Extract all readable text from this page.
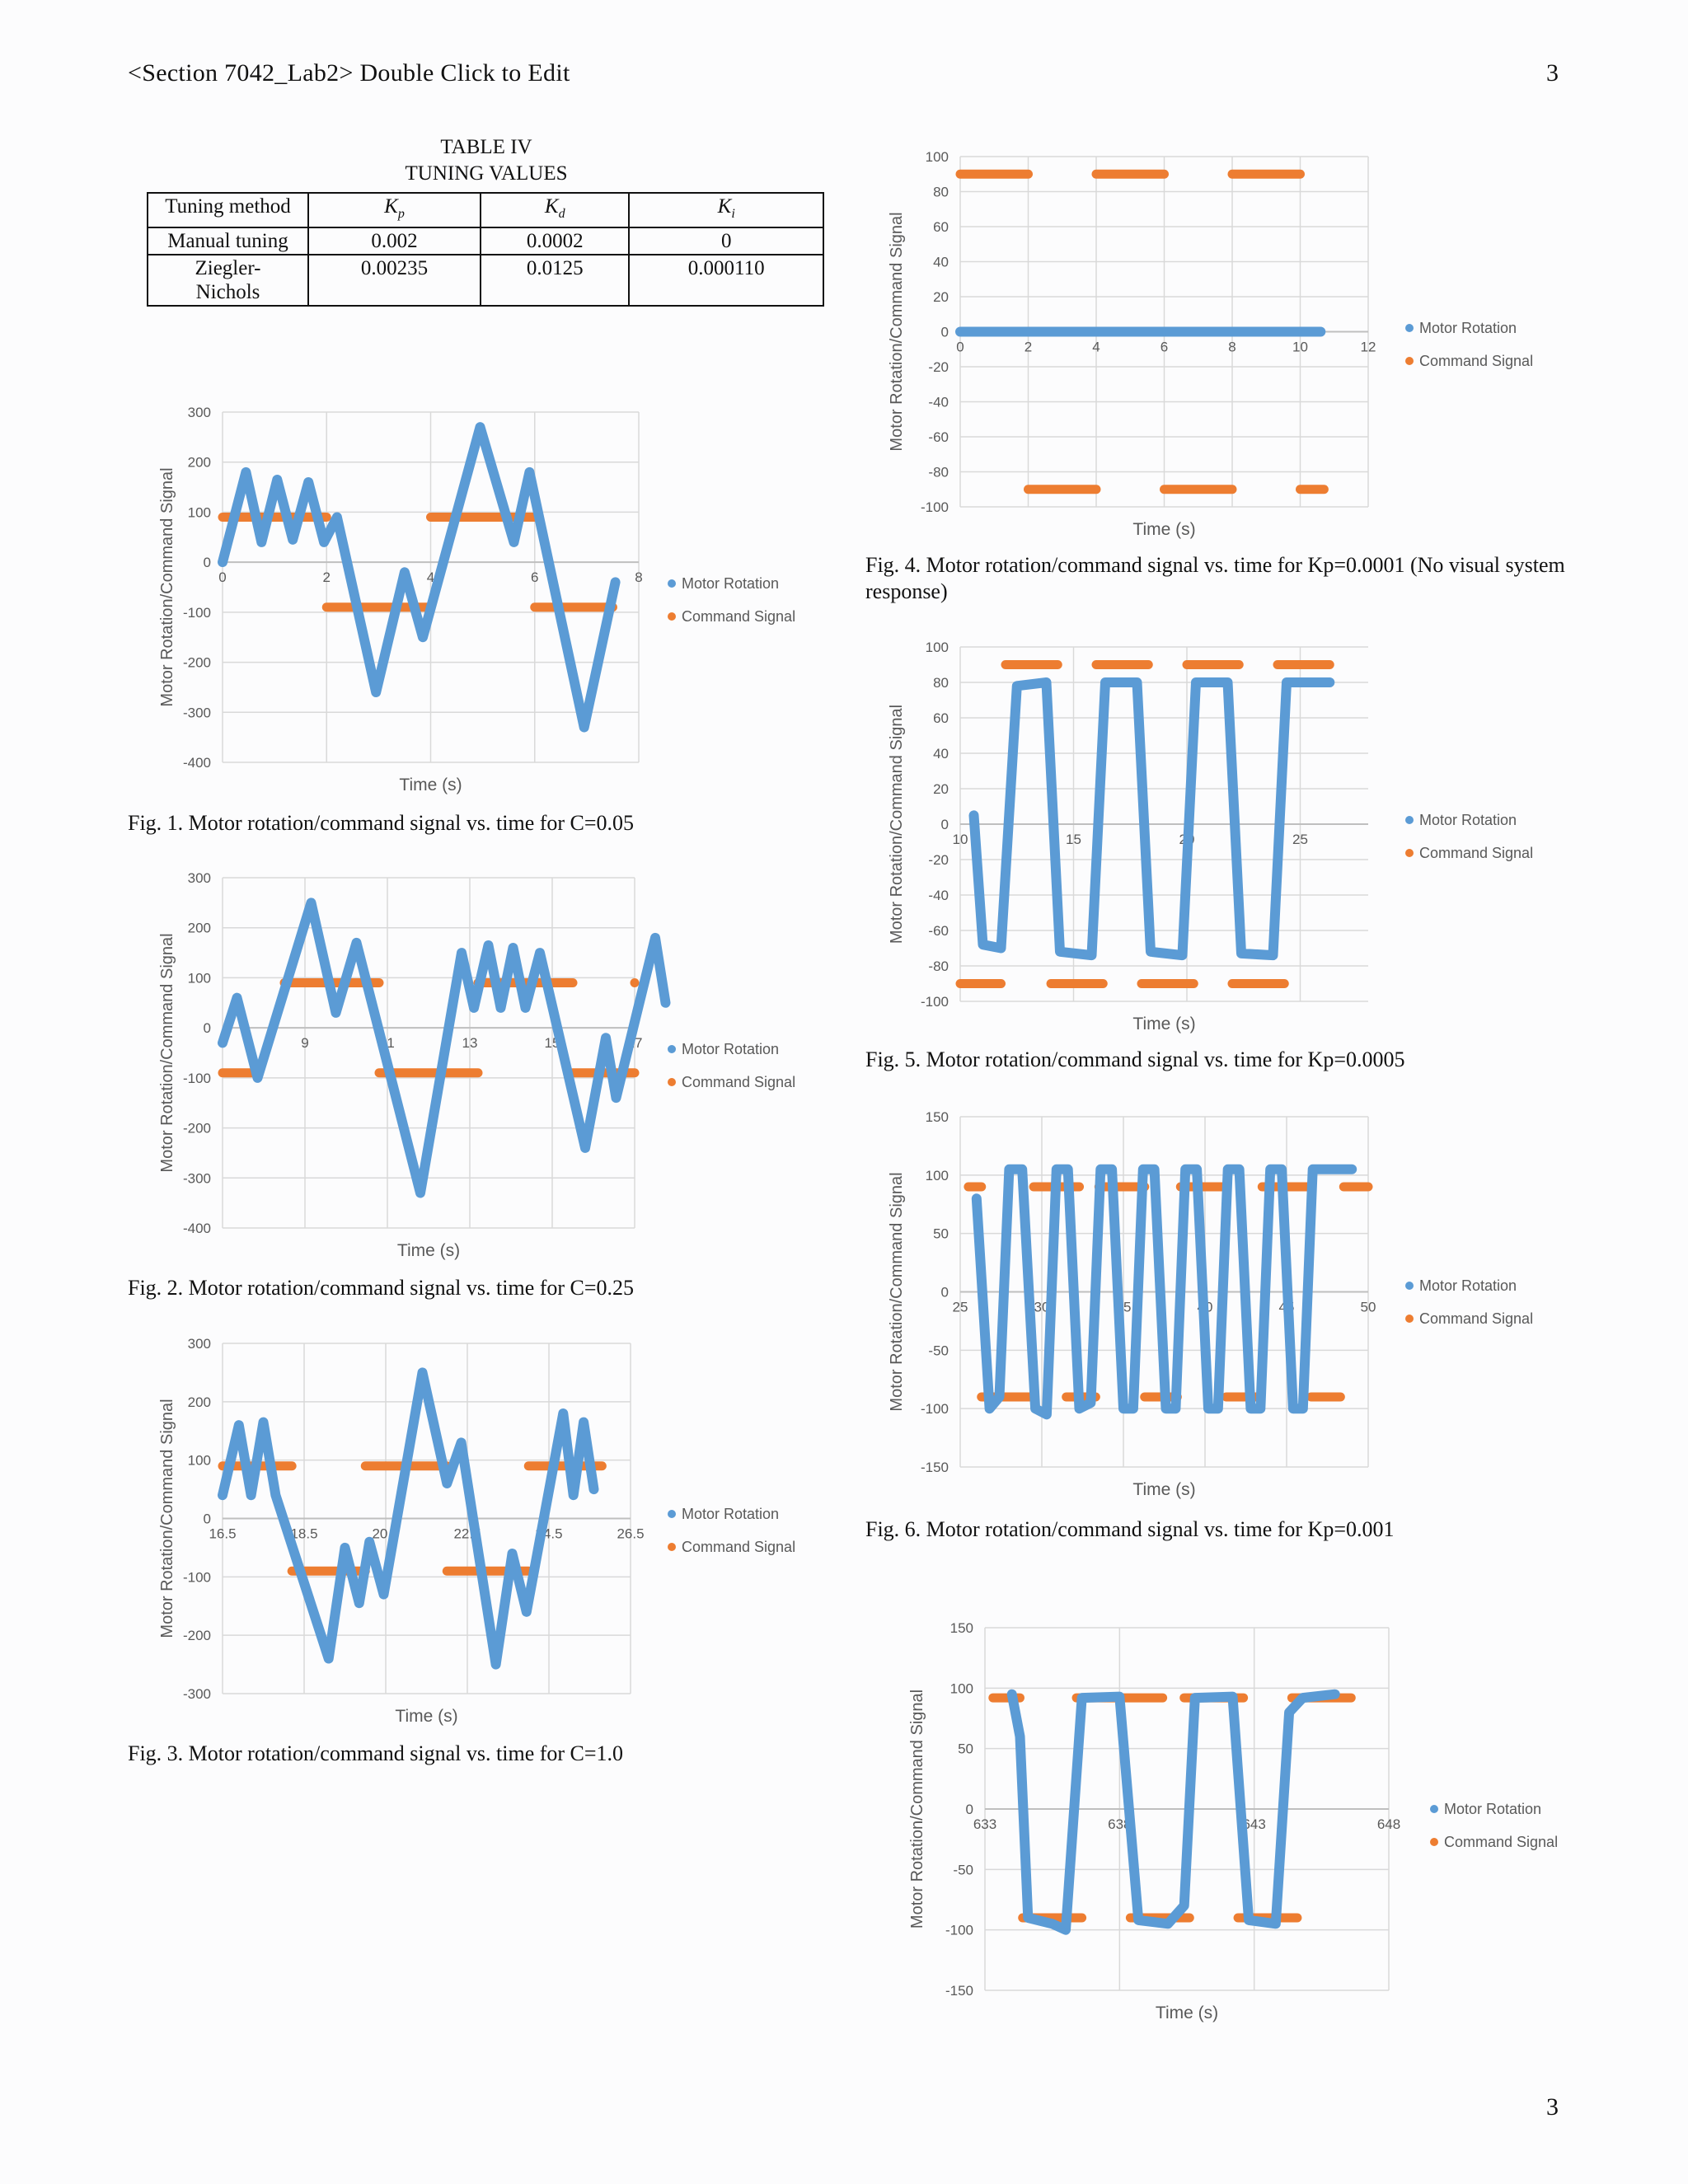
<Section 7042_Lab2> Double Click to Edit	3
TABLE IV
TUNING VALUES
Tuning method	$K_p$	$K_d$	$K_i$
Manual tuning	0.002	0.0002	0
Ziegler-
Nichols	0.00235	0.0125	0.000110
-400
-300
-200
-100
0
100
200
300
0	2	4	6	8
Time (s)
Motor Rotation/Command Signal	Motor Rotation
Command Signal
Fig. 1. Motor rotation/command signal vs. time for C=0.05
-400
-300
-200
-100
0
100
200
300
7	9	11	13	15	17
Time (s)
Motor Rotation/Command Signal	Motor Rotation
Command Signal
Fig. 2. Motor rotation/command signal vs. time for C=0.25
-300
-200
-100
0
100
200
300
16.5	18.5	20.5	22.5	24.5	26.5
Time (s)
Motor Rotation/Command Signal	Motor Rotation
Command Signal
Fig. 3. Motor rotation/command signal vs. time for C=1.0
-100
-80
-60
-40
-20
0
20
40
60
80
100
0	2	4	6	8	10	12
Time (s)
Motor Rotation/Command Signal	Motor Rotation
Command Signal
Fig. 4. Motor rotation/command signal vs. time for Kp=0.0001 (No visual system response)
-100
-80
-60
-40
-20
0
20
40
60
80
100
10	15	20	25
Time (s)
Motor Rotation/Command Signal	Motor Rotation
Command Signal
Fig. 5. Motor rotation/command signal vs. time for Kp=0.0005
-150
-100
-50
0
50
100
150
25	30	35	40	45	50
Time (s)
Motor Rotation/Command Signal	Motor Rotation
Command Signal
Fig. 6. Motor rotation/command signal vs. time for Kp=0.001
-150
-100
-50
0
50
100
150
633	638	643	648
Time (s)
Motor Rotation/Command Signal	Motor Rotation
Command Signal
3
